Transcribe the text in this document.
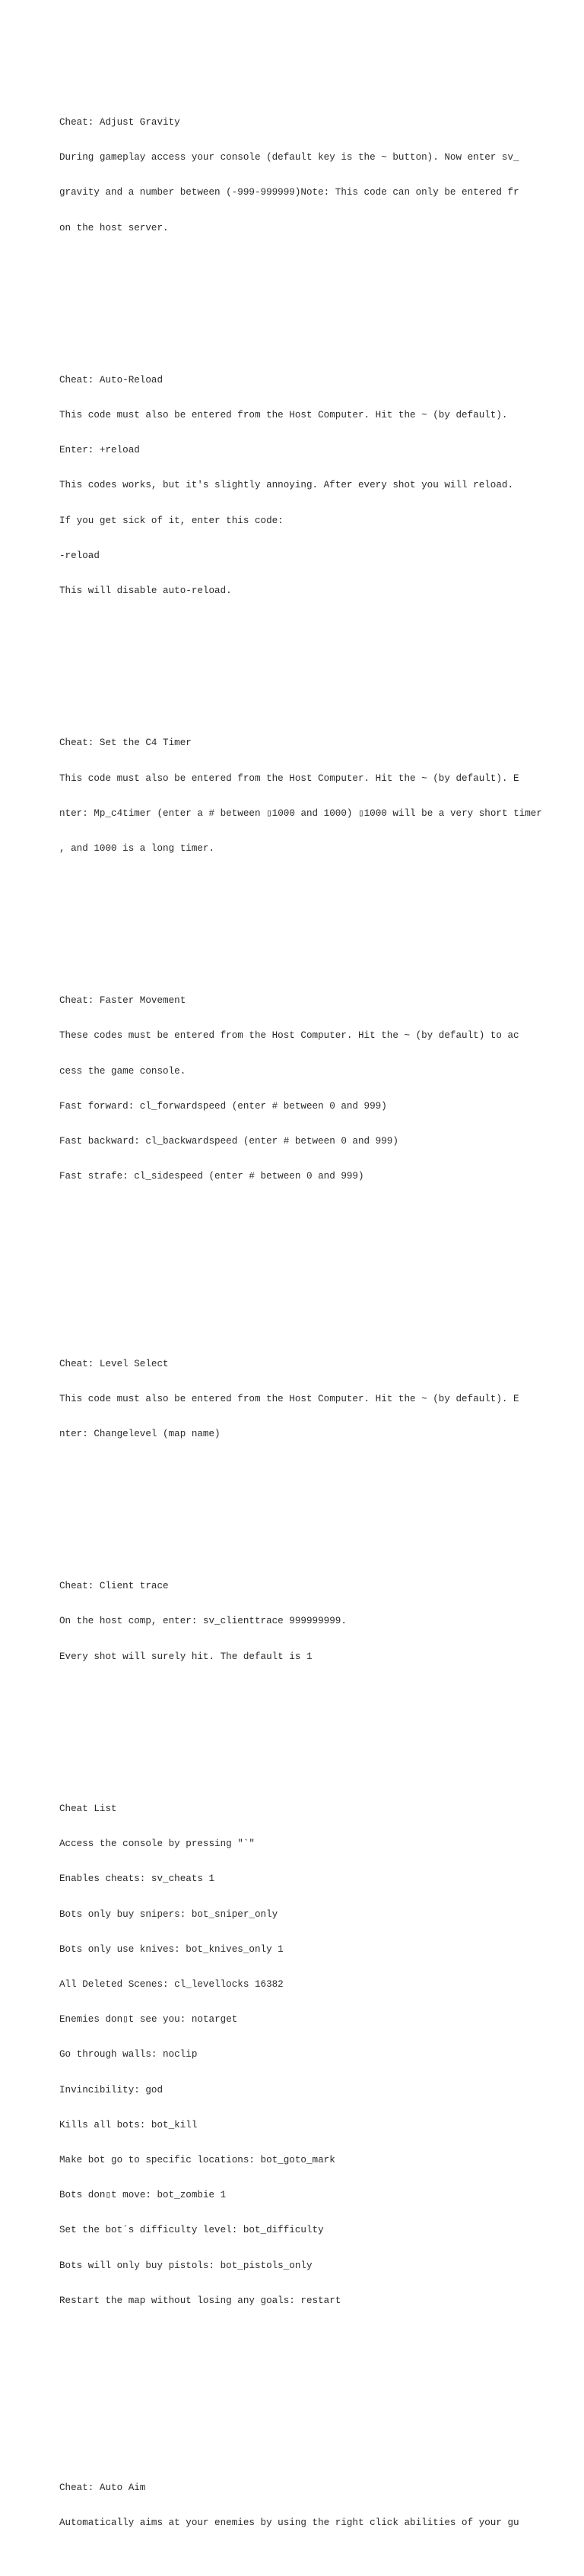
Cheat: Adjust Gravity

During gameplay access your console (default key is the ~ button). Now enter sv_

gravity and a number between (-999-999999)Note: This code can only be entered fr

on the host server.

Cheat: Auto-Reload

This code must also be entered from the Host Computer. Hit the ~ (by default).

Enter: +reload

This codes works, but it's slightly annoying. After every shot you will reload.

If you get sick of it, enter this code:

-reload

This will disable auto-reload.

Cheat: Set the C4 Timer

This code must also be entered from the Host Computer. Hit the ~ (by default). E

nter: Mp_c4timer (enter a # between ▯1000 and 1000) ▯1000 will be a very short timer

, and 1000 is a long timer.

Cheat: Faster Movement

These codes must be entered from the Host Computer. Hit the ~ (by default) to ac

cess the game console.

Fast forward: cl_forwardspeed (enter # between 0 and 999)

Fast backward: cl_backwardspeed (enter # between 0 and 999)

Fast strafe: cl_sidespeed (enter # between 0 and 999)

Cheat: Level Select

This code must also be entered from the Host Computer. Hit the ~ (by default). E

nter: Changelevel (map name)

Cheat: Client trace

On the host comp, enter: sv_clienttrace 999999999.

Every shot will surely hit. The default is 1

Cheat List

Access the console by pressing "`"

Enables cheats: sv_cheats 1

Bots only buy snipers: bot_sniper_only

Bots only use knives: bot_knives_only 1

All Deleted Scenes: cl_levellocks 16382

Enemies don▯t see you: notarget

Go through walls: noclip

Invincibility: god

Kills all bots: bot_kill

Make bot go to specific locations: bot_goto_mark

Bots don▯t move: bot_zombie 1

Set the bot´s difficulty level: bot_difficulty

Bots will only buy pistols: bot_pistols_only

Restart the map without losing any goals: restart

Cheat: Auto Aim

Automatically aims at your enemies by using the right click abilities of your gu
